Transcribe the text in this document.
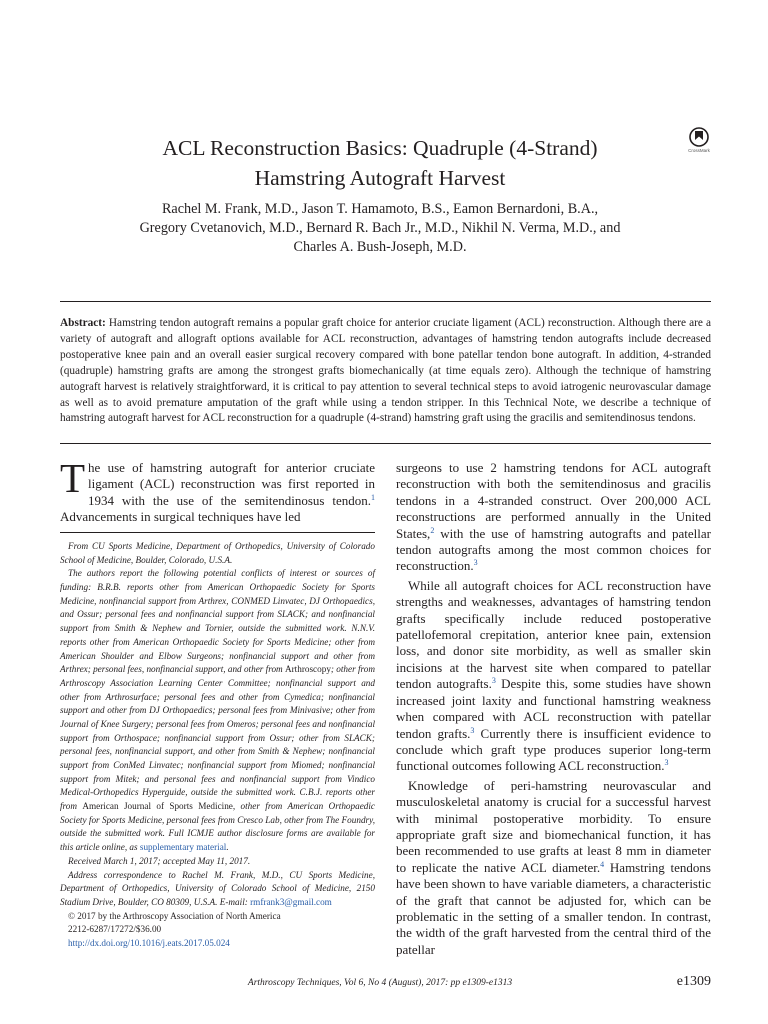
ACL Reconstruction Basics: Quadruple (4-Strand)
Hamstring Autograft Harvest
CrossMark
Rachel M. Frank, M.D., Jason T. Hamamoto, B.S., Eamon Bernardoni, B.A.,
Gregory Cvetanovich, M.D., Bernard R. Bach Jr., M.D., Nikhil N. Verma, M.D., and
Charles A. Bush-Joseph, M.D.
Abstract: Hamstring tendon autograft remains a popular graft choice for anterior cruciate ligament (ACL) reconstruction. Although there are a variety of autograft and allograft options available for ACL reconstruction, advantages of hamstring tendon autografts include decreased postoperative knee pain and an overall easier surgical recovery compared with bone patellar tendon bone autograft. In addition, 4-stranded (quadruple) hamstring grafts are among the strongest grafts biomechanically (at time equals zero). Although the technique of hamstring autograft harvest is relatively straightforward, it is critical to pay attention to several technical steps to avoid iatrogenic neurovascular damage as well as to avoid premature amputation of the graft while using a tendon stripper. In this Technical Note, we describe a technique of hamstring autograft harvest for ACL reconstruction for a quadruple (4-strand) hamstring graft using the gracilis and semitendinosus tendons.

The use of hamstring autograft for anterior cruciate ligament (ACL) reconstruction was first reported in 1934 with the use of the semitendinosus tendon.$^1$ Advancements in surgical techniques have led

From CU Sports Medicine, Department of Orthopedics, University of Colorado School of Medicine, Boulder, Colorado, U.S.A.

The authors report the following potential conflicts of interest or sources of funding: B.R.B. reports other from American Orthopaedic Society for Sports Medicine, nonfinancial support from Arthrex, CONMED Linvatec, DJ Orthopaedics, and Ossur; personal fees and nonfinancial support from SLACK; and nonfinancial support from Smith & Nephew and Tornier, outside the submitted work. N.N.V. reports other from American Orthopaedic Society for Sports Medicine; other from American Shoulder and Elbow Surgeons; nonfinancial support and other from Arthrex; personal fees, nonfinancial support, and other from Arthroscopy; other from Arthroscopy Association Learning Center Committee; nonfinancial support and other from Arthrosurface; personal fees and other from Cymedica; nonfinancial support and other from DJ Orthopaedics; personal fees from Minivasive; other from Journal of Knee Surgery; personal fees from Omeros; personal fees and nonfinancial support from Orthospace; nonfinancial support from Ossur; other from SLACK; personal fees, nonfinancial support, and other from Smith & Nephew; nonfinancial support from ConMed Linvatec; nonfinancial support from Miomed; nonfinancial support from Mitek; and personal fees and nonfinancial support from Vindico Medical-Orthopedics Hyperguide, outside the submitted work. C.B.J. reports other from American Journal of Sports Medicine, other from American Orthopaedic Society for Sports Medicine, personal fees from Cresco Lab, other from The Foundry, outside the submitted work. Full ICMJE author disclosure forms are available for this article online, as supplementary material.

Received March 1, 2017; accepted May 11, 2017.

Address correspondence to Rachel M. Frank, M.D., CU Sports Medicine, Department of Orthopedics, University of Colorado School of Medicine, 2150 Stadium Drive, Boulder, CO 80309, U.S.A. E-mail: rmfrank3@gmail.com

© 2017 by the Arthroscopy Association of North America

2212-6287/17272/$36.00

http://dx.doi.org/10.1016/j.eats.2017.05.024

surgeons to use 2 hamstring tendons for ACL autograft reconstruction with both the semitendinosus and gracilis tendons in a 4-stranded construct. Over 200,000 ACL reconstructions are performed annually in the United States,$^2$ with the use of hamstring autografts and patellar tendon autografts among the most common choices for reconstruction.$^3$

While all autograft choices for ACL reconstruction have strengths and weaknesses, advantages of hamstring tendon grafts specifically include reduced postoperative patellofemoral crepitation, anterior knee pain, extension loss, and donor site morbidity, as well as smaller skin incisions at the harvest site when compared to patellar tendon autografts.$^3$ Despite this, some studies have shown increased joint laxity and functional hamstring weakness when compared with ACL reconstruction with patellar tendon grafts.$^3$ Currently there is insufficient evidence to conclude which graft type produces superior long-term functional outcomes following ACL reconstruction.$^3$

Knowledge of peri-hamstring neurovascular and musculoskeletal anatomy is crucial for a successful harvest with minimal postoperative morbidity. To ensure appropriate graft size and biomechanical function, it has been recommended to use grafts at least 8 mm in diameter to replicate the native ACL diameter.$^4$ Hamstring tendons have been shown to have variable diameters, a characteristic of the graft that cannot be adjusted for, which can be problematic in the setting of a smaller tendon. In contrast, the width of the graft harvested from the central third of the patellar

Arthroscopy Techniques, Vol 6, No 4 (August), 2017: pp e1309-e1313	e1309
